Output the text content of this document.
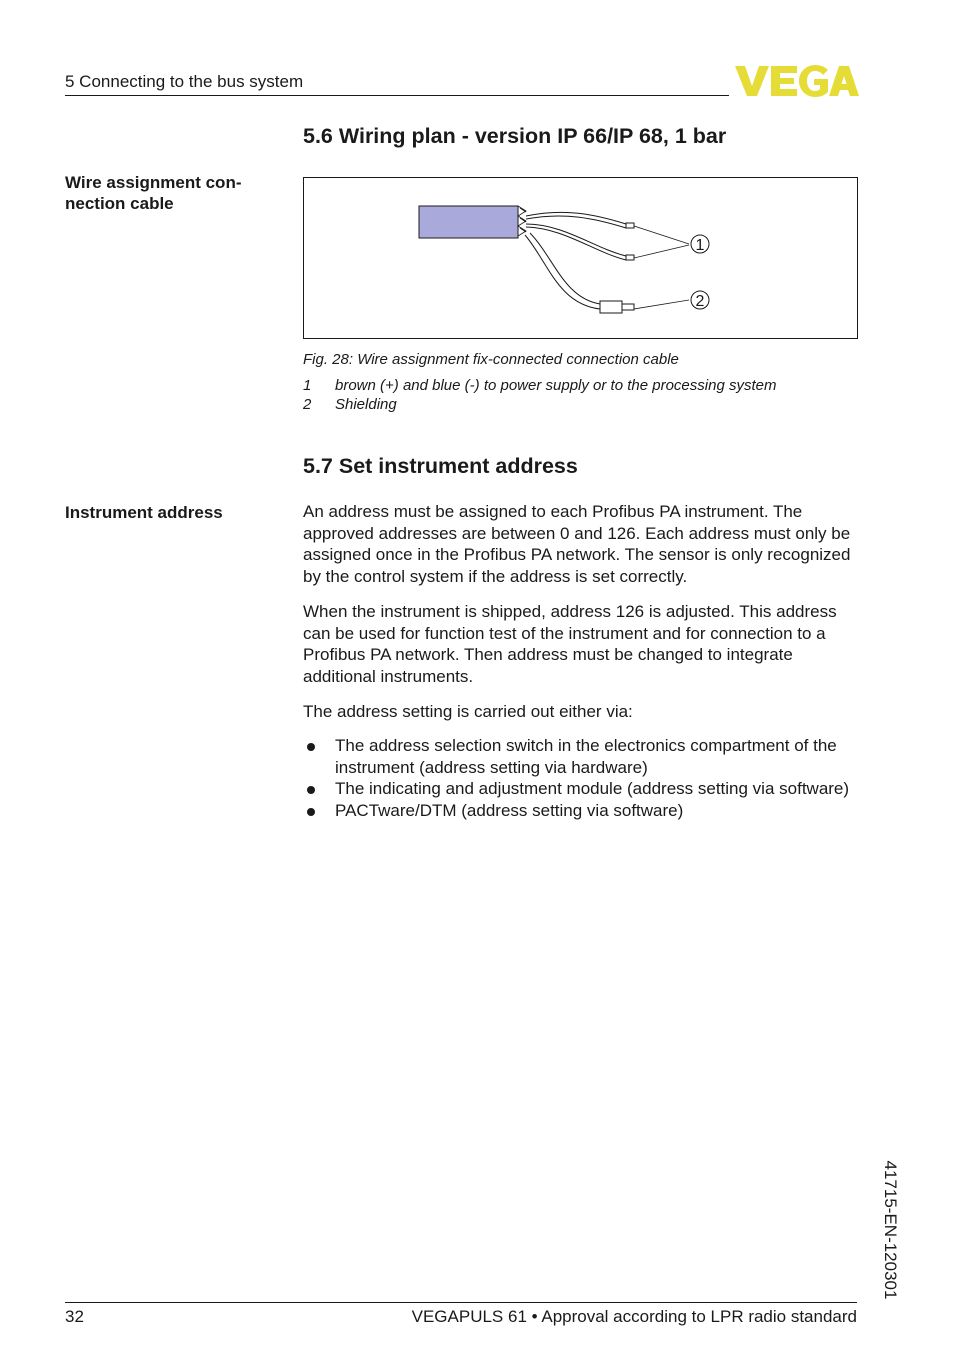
5 Connecting to the bus system
5.6 Wiring plan - version IP 66/IP 68, 1 bar
Wire assignment con-
nection cable
1
2
Fig. 28: Wire assignment fix-connected connection cable
1 brown (+) and blue (-) to power supply or to the processing system
2 Shielding
5.7 Set instrument address
Instrument address	An address must be assigned to each Profibus PA instrument. The approved addresses are between 0 and 126. Each address must only be assigned once in the Profibus PA network. The sensor is only recognized by the control system if the address is set correctly.

When the instrument is shipped, address 126 is adjusted. This address can be used for function test of the instrument and for connection to a Profibus PA network. Then address must be changed to integrate additional instruments.

The address setting is carried out either via:

The address selection switch in the electronics compartment of the instrument (address setting via hardware)
The indicating and adjustment module (address setting via software)
PACTware/DTM (address setting via software)
41715-EN-120301
32	VEGAPULS 61 • Approval according to LPR radio standard
